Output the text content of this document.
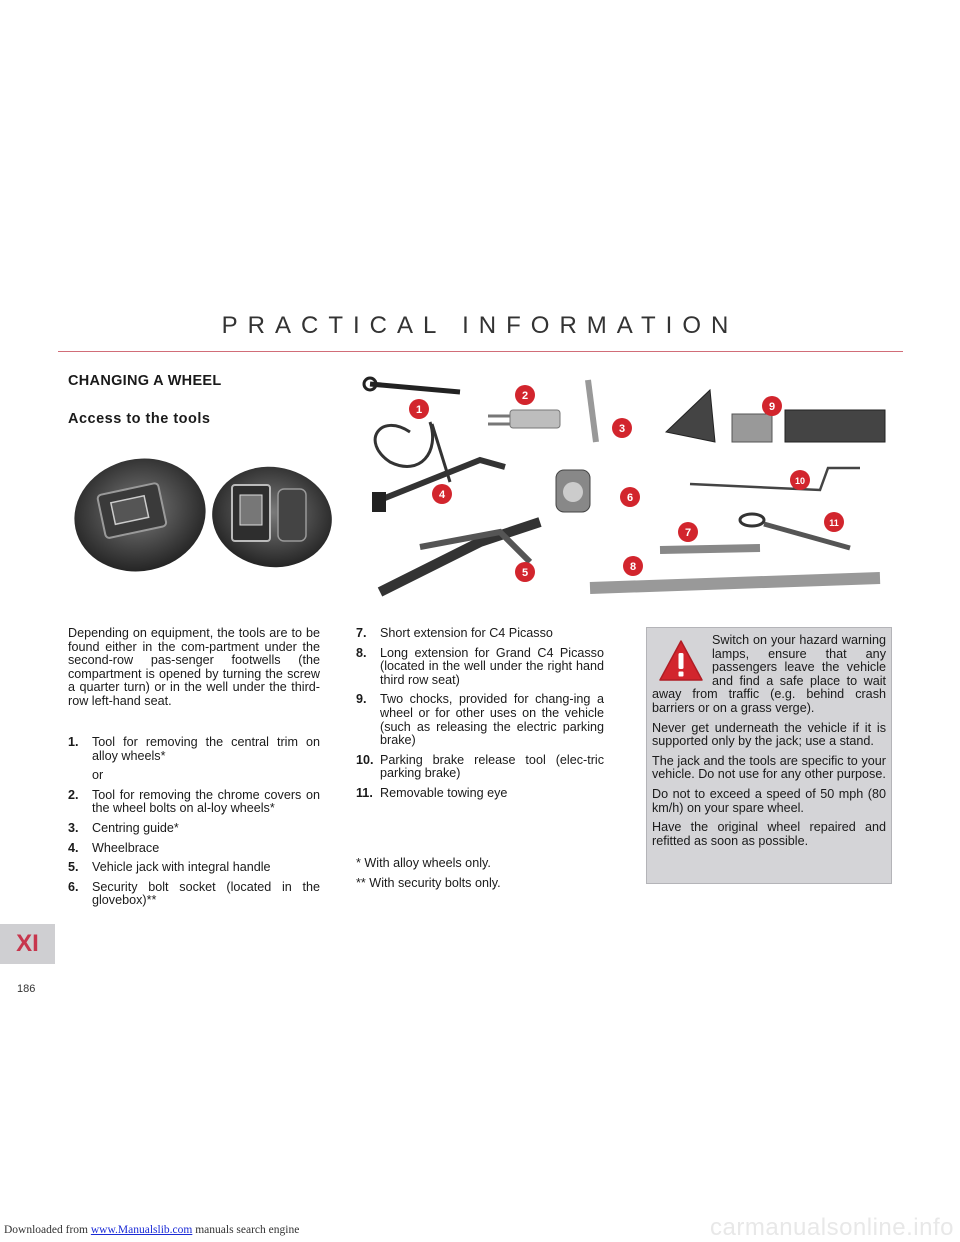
PRACTICAL INFORMATION
CHANGING A WHEEL
Access to the tools
1
2
3
4
5
6
7
8
9
10
11
Depending on equipment, the tools are to be found either in the com-partment under the second-row pas-senger footwells (the compartment is opened by turning the screw a quarter turn) or in the well under the third-row left-hand seat.
1.	Tool for removing the central trim on alloy wheels*
or
2.	Tool for removing the chrome covers on the wheel bolts on al-loy wheels*
3.	Centring guide*
4.	Wheelbrace
5.	Vehicle jack with integral handle
6.	Security bolt socket (located in the glovebox)**
7.	Short extension for C4 Picasso
8.	Long extension for Grand C4 Picasso (located in the well under the right hand third row seat)
9.	Two chocks, provided for chang-ing a wheel or for other uses on the vehicle (such as releasing the electric parking brake)
10. Parking brake release tool (elec-tric parking brake)
11. Removable towing eye
* With alloy wheels only.
** With security bolts only.

Switch on your hazard warning lamps, ensure that any passengers leave the vehicle and find a safe place to wait away from traffic (e.g. behind crash barriers or on a grass verge).

Never get underneath the vehicle if it is supported only by the jack; use a stand.

The jack and the tools are specific to your vehicle. Do not use for any other purpose.

Do not to exceed a speed of 50 mph (80 km/h) on your spare wheel.

Have the original wheel repaired and refitted as soon as possible.

XI
186
Downloaded from www.Manualslib.com manuals search engine	carmanualsonline.info
